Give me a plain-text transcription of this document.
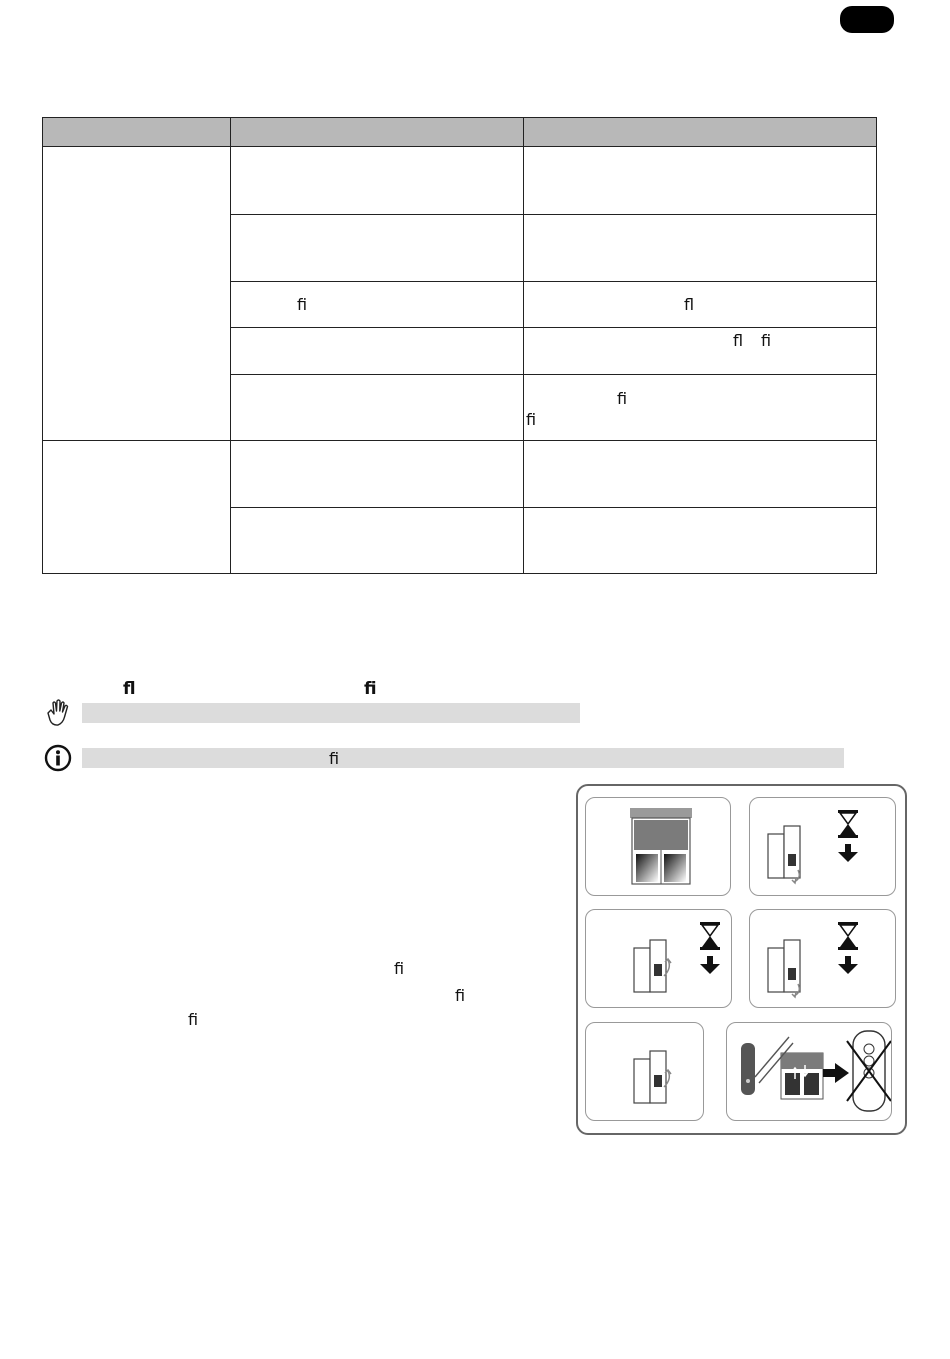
ﬁ	ﬂ
ﬂ ﬁ
ﬁ
ﬁ
ﬂ	ﬁ
ﬁ
ﬁ
ﬁ
ﬁ
